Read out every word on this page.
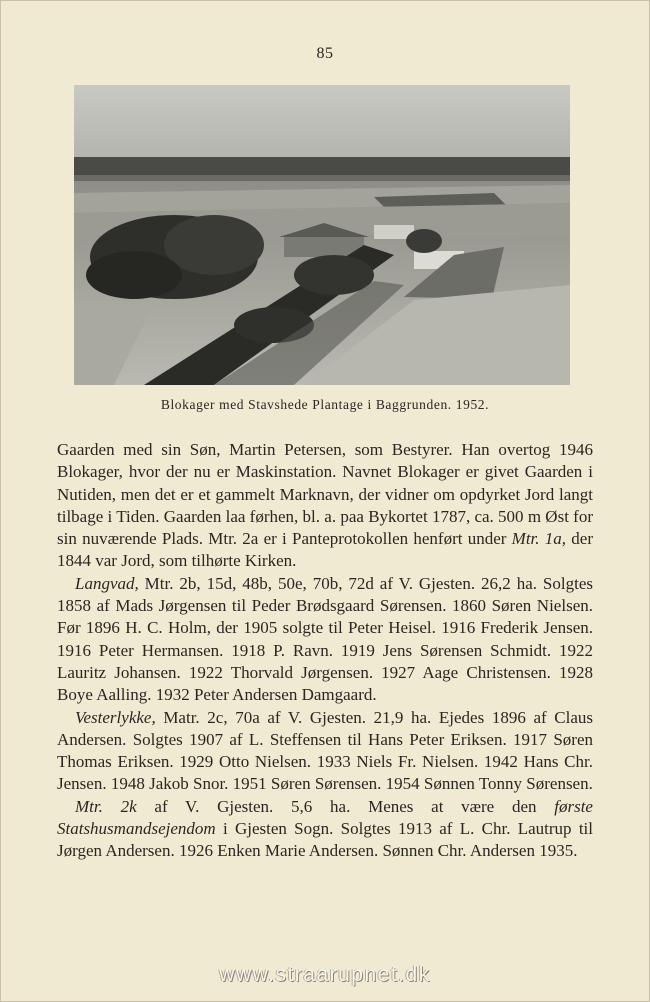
85
Blokager med Stavshede Plantage i Baggrunden. 1952.

Gaarden med sin Søn, Martin Petersen, som Bestyrer. Han overtog 1946 Blokager, hvor der nu er Maskinstation. Navnet Blokager er givet Gaarden i Nutiden, men det er et gammelt Marknavn, der vidner om opdyrket Jord langt tilbage i Tiden. Gaarden laa førhen, bl. a. paa Bykortet 1787, ca. 500 m Øst for sin nuværende Plads. Mtr. 2a er i Panteprotokollen henført under Mtr. 1a, der 1844 var Jord, som tilhørte Kirken.

Langvad, Mtr. 2b, 15d, 48b, 50e, 70b, 72d af V. Gjesten. 26,2 ha. Solgtes 1858 af Mads Jørgensen til Peder Brødsgaard Sørensen. 1860 Søren Nielsen. Før 1896 H. C. Holm, der 1905 solgte til Peter Heisel. 1916 Frederik Jensen. 1916 Peter Hermansen. 1918 P. Ravn. 1919 Jens Sørensen Schmidt. 1922 Lauritz Johansen. 1922 Thorvald Jørgensen. 1927 Aage Christensen. 1928 Boye Aalling. 1932 Peter Andersen Damgaard.

Vesterlykke, Matr. 2c, 70a af V. Gjesten. 21,9 ha. Ejedes 1896 af Claus Andersen. Solgtes 1907 af L. Steffensen til Hans Peter Eriksen. 1917 Søren Thomas Eriksen. 1929 Otto Nielsen. 1933 Niels Fr. Nielsen. 1942 Hans Chr. Jensen. 1948 Jakob Snor. 1951 Søren Sørensen. 1954 Sønnen Tonny Sørensen.

Mtr. 2k af V. Gjesten. 5,6 ha. Menes at være den første Statshusmandsejendom i Gjesten Sogn. Solgtes 1913 af L. Chr. Lautrup til Jørgen Andersen. 1926 Enken Marie Andersen. Sønnen Chr. Andersen 1935.

www.straarupnet.dk
